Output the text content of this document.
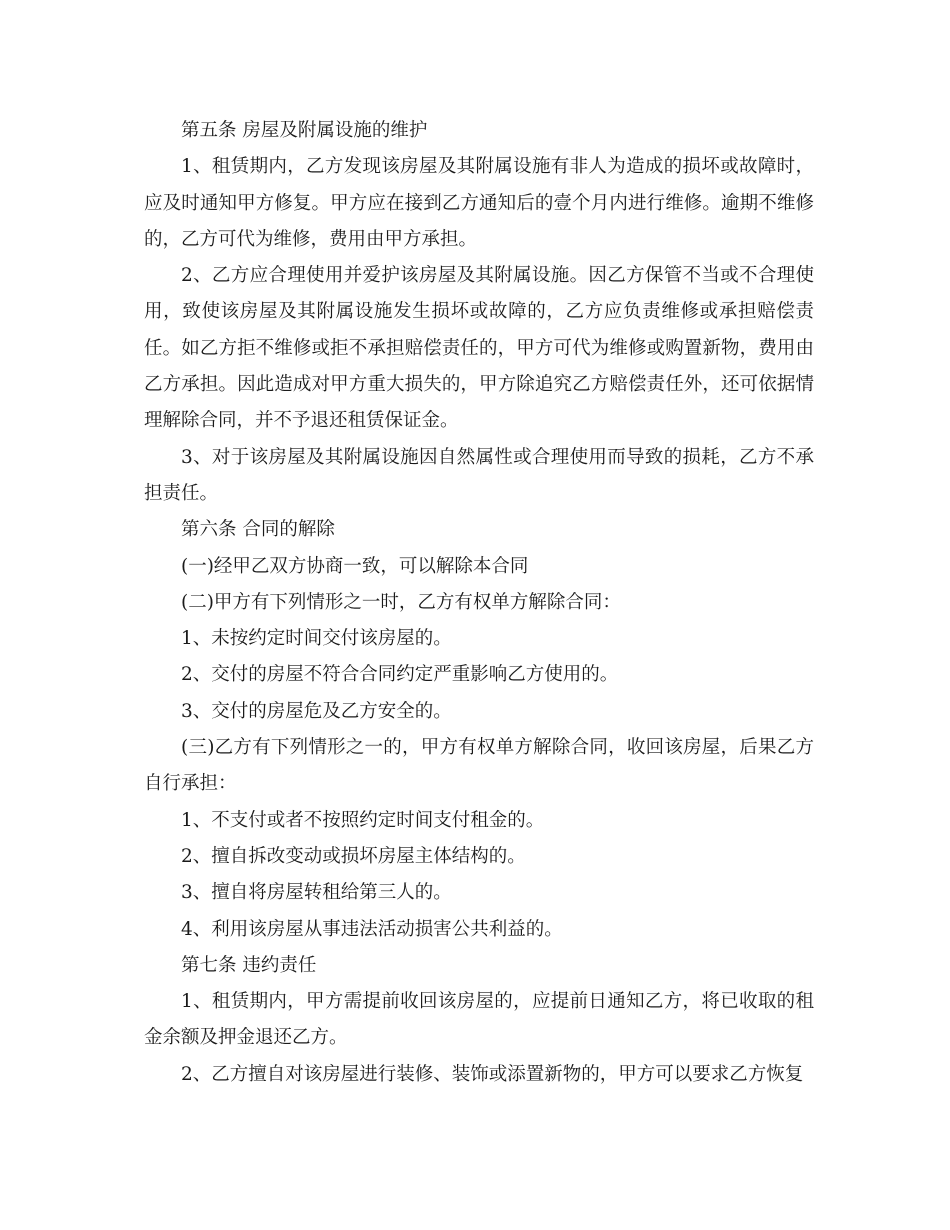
第五条 房屋及附属设施的维护

1、租赁期内，乙方发现该房屋及其附属设施有非人为造成的损坏或故障时，应及时通知甲方修复。甲方应在接到乙方通知后的壹个月内进行维修。逾期不维修的，乙方可代为维修，费用由甲方承担。

2、乙方应合理使用并爱护该房屋及其附属设施。因乙方保管不当或不合理使用，致使该房屋及其附属设施发生损坏或故障的，乙方应负责维修或承担赔偿责任。如乙方拒不维修或拒不承担赔偿责任的，甲方可代为维修或购置新物，费用由乙方承担。因此造成对甲方重大损失的，甲方除追究乙方赔偿责任外，还可依据情理解除合同，并不予退还租赁保证金。

3、对于该房屋及其附属设施因自然属性或合理使用而导致的损耗，乙方不承担责任。

第六条 合同的解除

(一)经甲乙双方协商一致，可以解除本合同

(二)甲方有下列情形之一时，乙方有权单方解除合同：

1、未按约定时间交付该房屋的。

2、交付的房屋不符合合同约定严重影响乙方使用的。

3、交付的房屋危及乙方安全的。

(三)乙方有下列情形之一的，甲方有权单方解除合同，收回该房屋，后果乙方自行承担：

1、不支付或者不按照约定时间支付租金的。

2、擅自拆改变动或损坏房屋主体结构的。

3、擅自将房屋转租给第三人的。

4、利用该房屋从事违法活动损害公共利益的。

第七条 违约责任

1、租赁期内，甲方需提前收回该房屋的，应提前日通知乙方，将已收取的租金余额及押金退还乙方。

2、乙方擅自对该房屋进行装修、装饰或添置新物的，甲方可以要求乙方恢复
